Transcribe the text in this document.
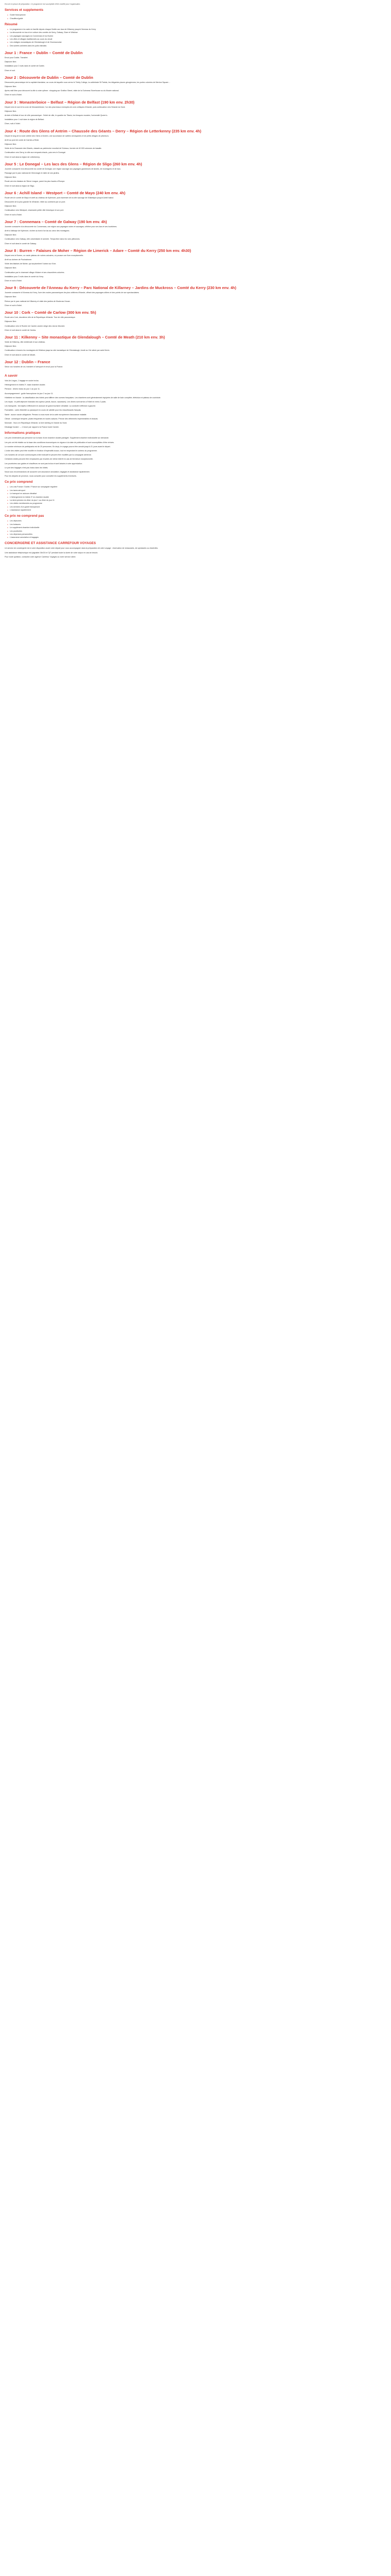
Encore en phase de préparation. Ce programme est susceptible d'être modifié pour l'organisation.

Services et supplements
● Guide francophone
● Chauffeur/guide
Résumé
● Le programme à la carte en famille depuis chaque Dublin aux lacs de Killarney jusqu'à l'Anneau du Kerry
● La découverte en bus et en voiture des comtés de Kerry, Galway, Clare et Wicklow
● Les paysages sauvages du Connemara et du Burren
● Les villes et villages traditionnels au cours du circuit
● Les vestiges monastiques de Glendalough et de Clonmacnoise
● Des soirées animées dans les pubs irlandais
Jour 1 : France – Dublin – Comté de Dublin

Envol pour Dublin. Transfert.

Déjeuner libre.

Installation pour 2 nuits dans le comté de Dublin.

Dîner et nuit.

Jour 2 : Découverte de Dublin – Comté de Dublin

Découverte panoramique de la capitale irlandaise, au cours de laquelle vous verrez le Trinity College, la cathédrale St Patrick, les élégantes places géorgiennes, les portes colorées de Merrion Square…

Déjeuner libre.

Après-midi libre pour découvrir la ville à votre rythme : shopping sur Grafton Street, visite de la Guinness Storehouse ou du Musée national.

Dîner et nuit à l'hôtel.

Jour 3 : Monasterboice – Belfast – Région de Belfast (190 km env. 2h30)

Départ vers le nord et la croix de Monasterboice, l'un des plus beaux exemples de croix celtiques d'Irlande, puis continuation vers l'Irlande du Nord.

Déjeuner libre.

Arrivée à Belfast et tour de ville panoramique : l'hôtel de ville, le quartier du Titanic, les fresques murales, l'université Queen's.

Installation pour 1 nuit dans la région de Belfast.

Dîner, nuit à l'hôtel.

Jour 4 : Route des Glens of Antrim – Chaussée des Géants – Derry – Région de Letterkenny (235 km env. 4h)

Départ le long de la route côtière des Glens of Antrim, une succession de vallées verdoyantes et de petits villages de pêcheurs.

Arrêt au pont de corde de Carrick-a-Rede.

Déjeuner libre.

Visite de la Chaussée des Géants, classée au patrimoine mondial de l'Unesco, formée de 40 000 colonnes de basalte.

Continuation vers Derry, la ville aux remparts intacts, puis vers le Donegal.

Dîner et nuit dans la région de Letterkenny.

Jour 5 : Le Donegal – Les lacs des Glens – Région de Sligo (260 km env. 4h)

Journée consacrée à la découverte du comté de Donegal, une région sauvage aux paysages grandioses de landes, de montagnes et de lacs.

Passage par le parc national de Glenveagh et visite de ses jardins.

Déjeuner libre.

Route vers les falaises de Slieve League, parmi les plus hautes d'Europe.

Dîner et nuit dans la région de Sligo.

Jour 6 : Achill Island – Westport – Comté de Mayo (240 km env. 4h)

Route vers le comté de Mayo et arrêt au château de Kylemore, puis traversée de la côte sauvage de l'Atlantique jusqu'à Achill Island.

Découverte de la plus grande île d'Irlande, reliée au continent par un pont.

Déjeuner libre.

Continuation vers Westport, charmante petite ville historique et son port.

Dîner et nuit à l'hôtel.

Jour 7 : Connemara – Comté de Galway (190 km env. 4h)

Journée consacrée à la découverte du Connemara, une région aux paysages rudes et sauvages, célèbre pour ses lacs et ses tourbières.

Arrêt à l'abbaye de Kylemore, nichée au bord d'un lac au cœur des montagnes.

Déjeuner libre.

Continuation vers Galway, ville universitaire et animée. Temps libre dans les rues piétonnes.

Dîner et nuit dans le comté de Galway.

Jour 8 : Burren – Falaises de Moher – Région de Limerick – Adare – Comté du Kerry (250 km env. 4h30)

Départ vers le Burren, un vaste plateau de roches calcaires, où pousse une flore exceptionnelle.

Arrêt au dolmen de Poulnabrone.

Visite des falaises de Moher, qui surplombent l'océan sur 8 km.

Déjeuner libre.

Continuation par le charmant village d'Adare et ses chaumières colorées.

Installation pour 3 nuits dans le comté du Kerry.

Dîner et nuit à l'hôtel.

Jour 9 : Découverte de l'Anneau du Kerry – Parc National de Killarney – Jardins de Muckross – Comté du Kerry (230 km env. 4h)

Journée consacrée à l'Anneau du Kerry, l'une des routes panoramiques les plus célèbres d'Irlande, offrant des paysages côtiers et des points de vue spectaculaires.

Déjeuner libre.

Retour par le parc national de Killarney et visite des jardins de Muckross House.

Dîner et nuit à l'hôtel.

Jour 10 : Cork – Comté de Carlow (300 km env. 5h)

Route vers Cork, deuxième ville de la République d'Irlande. Tour de ville panoramique.

Déjeuner libre.

Continuation vers le Rocher de Cashel, ancien siège des rois du Munster.

Dîner et nuit dans le comté de Carlow.

Jour 11 : Kilkenny – Site monastique de Glendalough – Comté de Meath (210 km env. 3h)

Visite de Kilkenny, ville médiévale et son château.

Déjeuner libre.

Continuation à travers les montagnes de Wicklow jusqu'au site monastique de Glendalough, fondé au VIe siècle par saint Kevin.

Dîner et nuit dans le comté de Meath.

Jour 12 : Dublin – France

Selon vos horaires de vol, transfert à l'aéroport et envol pour la France.

A savoir

Vols Air Lingus, 1 bagage en soute inclus.

Hébergement en hôtels 3*, base chambre double.

Pension : dîners inclus du jour 1 au jour 11.

Accompagnement : guide francophone du jour 2 au jour 11.

Hôtellerie en Irlande : la classification des hôtels peut différer des normes françaises. Les chambres sont généralement équipées de salle de bain complète, télévision et plateau de courtoisie.

Les repas : le petit déjeuner irlandais est copieux (œufs, bacon, saucisses). Les dîners sont servis à l'hôtel en menu 3 plats.

Les transports : les trajets s'effectuent en autocar de grand tourisme climatisé. La conduite s'effectue à gauche.

Formalités : carte d'identité ou passeport en cours de validité pour les ressortissants français.

Santé : aucun vaccin obligatoire. Pensez à vous munir de la carte européenne d'assurance maladie.

Climat : océanique tempéré, pluies fréquentes en toutes saisons. Prévoir des vêtements imperméables et chauds.

Monnaie : l'euro en République d'Irlande, la livre sterling en Irlande du Nord.

Décalage horaire : – 1 heure par rapport à la France toute l'année.

Informations pratiques

Les prix s'entendent par personne sur la base d'une chambre double partagée. Supplément chambre individuelle sur demande.

Les prix ont été établis sur la base des conditions économiques en vigueur à la date de publication et sont susceptibles d'être révisés.

Le nombre minimum de participants est de 20 personnes. En deçà, le voyage pourra être annulé jusqu'à 21 jours avant le départ.

L'ordre des visites peut être modifié en fonction d'impératifs locaux, tout en respectant le contenu du programme.

Les horaires de vol sont communiqués à titre indicatif et peuvent être modifiés par la compagnie aérienne.

Certaines visites peuvent être remplacées par d'autres de même intérêt en cas de fermeture exceptionnelle.

Les pourboires aux guides et chauffeurs ne sont pas inclus et sont laissés à votre appréciation.

Le port des bagages n'est pas inclus dans les hôtels.

Nous vous recommandons de souscrire une assurance annulation, bagages et assistance rapatriement.

Pour les départs de province, nous consulter pour connaître les suppléments éventuels.

Ce prix comprend
● Les vols France / Dublin / France sur compagnie régulière
● Les taxes aéroport
● Le transport en autocar climatisé
● L'hébergement en hôtels 3* en chambre double
● La demi-pension du dîner du jour 1 au dîner du jour 11
● Les visites mentionnées au programme
● Les services d'un guide francophone
● L'assistance rapatriement
Ce prix ne comprend pas
● Les déjeuners
● Les boissons
● Le supplément chambre individuelle
● Les pourboires
● Les dépenses personnelles
● L'assurance annulation et bagages
CONCIERGERIE ET ASSISTANCE CARREFOUR VOYAGES

Un service de conciergerie est à votre disposition avant votre départ pour vous accompagner dans la préparation de votre voyage : réservation de restaurants, de spectacles ou d'activités.

Une assistance téléphonique est joignable 24h/24 et 7j/7 pendant toute la durée de votre séjour en cas de besoin.

Pour toute question, contactez votre agence Carrefour Voyages ou notre service client.
